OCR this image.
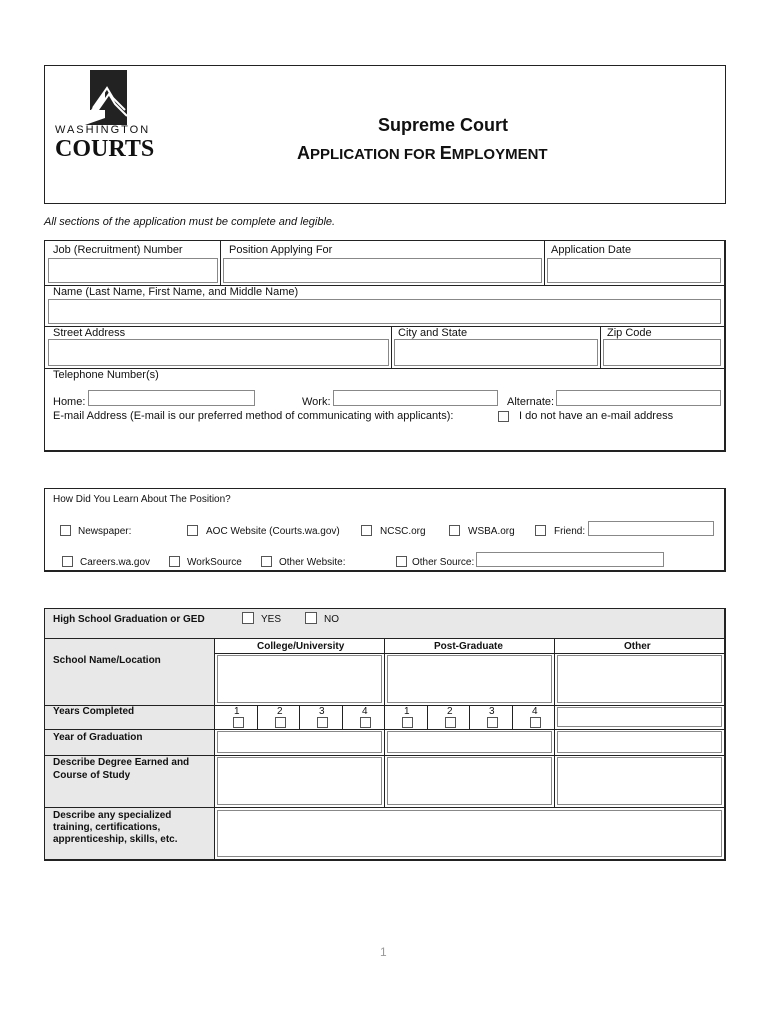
WASHINGTON
COURTS
Supreme Court
APPLICATION FOR EMPLOYMENT
All sections of the application must be complete and legible.
Job (Recruitment) Number	Position Applying For	Application Date
Name (Last Name, First Name, and Middle Name)
Street Address	City and State	Zip Code
Telephone Number(s)
Home:	Work:	Alternate:
E-mail Address (E-mail is our preferred method of communicating with applicants):	I do not have an e-mail address
How Did You Learn About The Position?
Newspaper:	AOC Website (Courts.wa.gov)	NCSC.org	WSBA.org	Friend:
Careers.wa.gov	WorkSource	Other Website:	Other Source:
High School Graduation or GED	YES	NO
College/University	Post-Graduate	Other
School Name/Location
Years Completed	1	2	3	4	1	2	3	4
Year of Graduation
Describe Degree Earned and
Course of Study
Describe any specialized
training, certifications,
apprenticeship, skills, etc.
1
